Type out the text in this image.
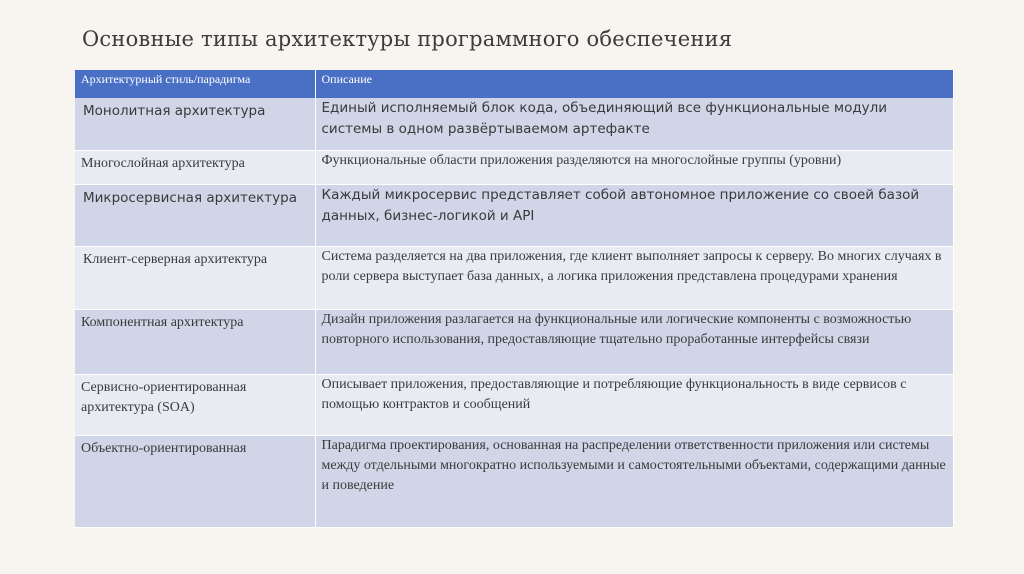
Основные типы архитектуры программного обеспечения
Архитектурный стиль/парадигма	Описание
Монолитная архитектура	Единый исполняемый блок кода, объединяющий все функциональные модули системы в одном развёртываемом артефакте
Многослойная архитектура	Функциональные области приложения разделяются на многослойные группы (уровни)
Микросервисная архитектура	Каждый микросервис представляет собой автономное приложение со своей базой данных, бизнес-логикой и API
Клиент-серверная архитектура	Система разделяется на два приложения, где клиент выполняет запросы к серверу. Во многих случаях в роли сервера выступает база данных, а логика приложения представлена процедурами хранения
Компонентная архитектура	Дизайн приложения разлагается на функциональные или логические компоненты с возможностью повторного использования, предоставляющие тщательно проработанные интерфейсы связи
Сервисно-ориентированная архитектура (SOA)	Описывает приложения, предоставляющие и потребляющие функциональность в виде сервисов с помощью контрактов и сообщений
Объектно-ориентированная	Парадигма проектирования, основанная на распределении ответственности приложения или системы между отдельными многократно используемыми и самостоятельными объектами, содержащими данные и поведение
